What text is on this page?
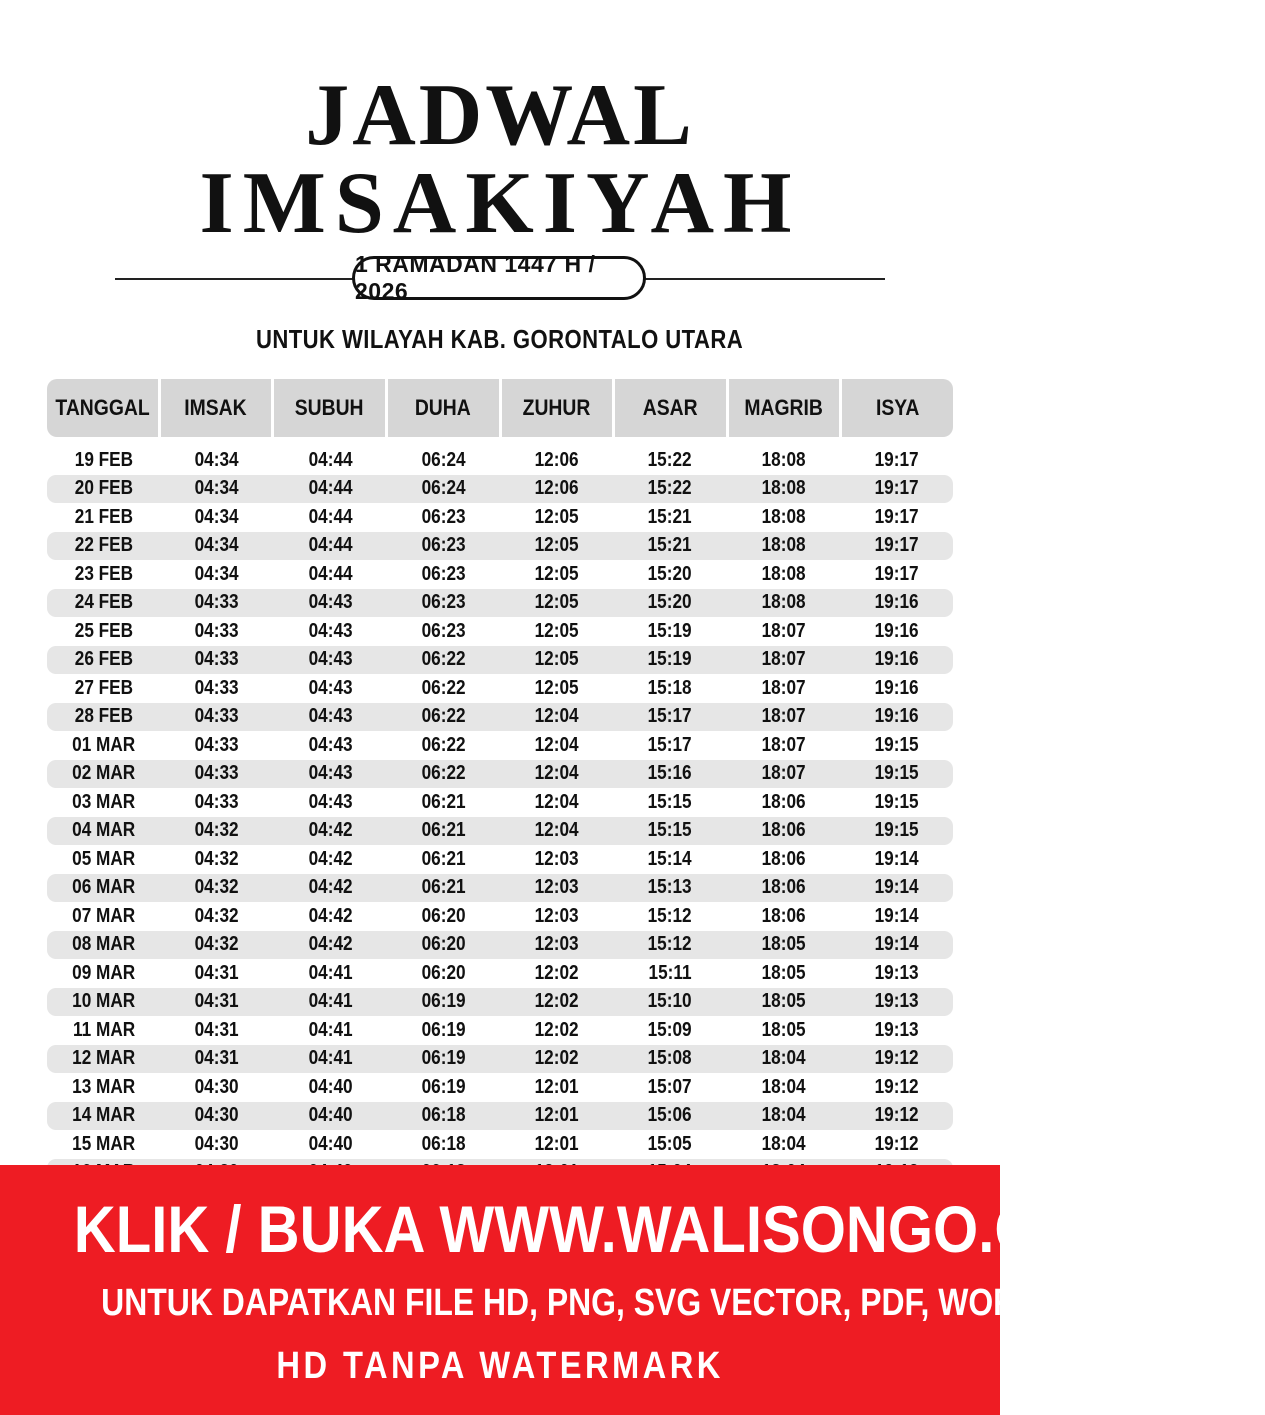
JADWAL
IMSAKIYAH
1 RAMADAN 1447 H / 2026
UNTUK WILAYAH KAB. GORONTALO UTARA
TANGGAL IMSAK SUBUH DUHA ZUHUR ASAR MAGRIB ISYA
19 FEB	04:34	04:44	06:24	12:06	15:22	18:08	19:17
20 FEB	04:34	04:44	06:24	12:06	15:22	18:08	19:17
21 FEB	04:34	04:44	06:23	12:05	15:21	18:08	19:17
22 FEB	04:34	04:44	06:23	12:05	15:21	18:08	19:17
23 FEB	04:34	04:44	06:23	12:05	15:20	18:08	19:17
24 FEB	04:33	04:43	06:23	12:05	15:20	18:08	19:16
25 FEB	04:33	04:43	06:23	12:05	15:19	18:07	19:16
26 FEB	04:33	04:43	06:22	12:05	15:19	18:07	19:16
27 FEB	04:33	04:43	06:22	12:05	15:18	18:07	19:16
28 FEB	04:33	04:43	06:22	12:04	15:17	18:07	19:16
01 MAR	04:33	04:43	06:22	12:04	15:17	18:07	19:15
02 MAR	04:33	04:43	06:22	12:04	15:16	18:07	19:15
03 MAR	04:33	04:43	06:21	12:04	15:15	18:06	19:15
04 MAR	04:32	04:42	06:21	12:04	15:15	18:06	19:15
05 MAR	04:32	04:42	06:21	12:03	15:14	18:06	19:14
06 MAR	04:32	04:42	06:21	12:03	15:13	18:06	19:14
07 MAR	04:32	04:42	06:20	12:03	15:12	18:06	19:14
08 MAR	04:32	04:42	06:20	12:03	15:12	18:05	19:14
09 MAR	04:31	04:41	06:20	12:02	15:11	18:05	19:13
10 MAR	04:31	04:41	06:19	12:02	15:10	18:05	19:13
11 MAR	04:31	04:41	06:19	12:02	15:09	18:05	19:13
12 MAR	04:31	04:41	06:19	12:02	15:08	18:04	19:12
13 MAR	04:30	04:40	06:19	12:01	15:07	18:04	19:12
14 MAR	04:30	04:40	06:18	12:01	15:06	18:04	19:12
15 MAR	04:30	04:40	06:18	12:01	15:05	18:04	19:12
KLIK / BUKA WWW.WALISONGO.CO.ID
UNTUK DAPATKAN FILE HD, PNG, SVG VECTOR, PDF, WORD, EXCEL
HD TANPA WATERMARK
